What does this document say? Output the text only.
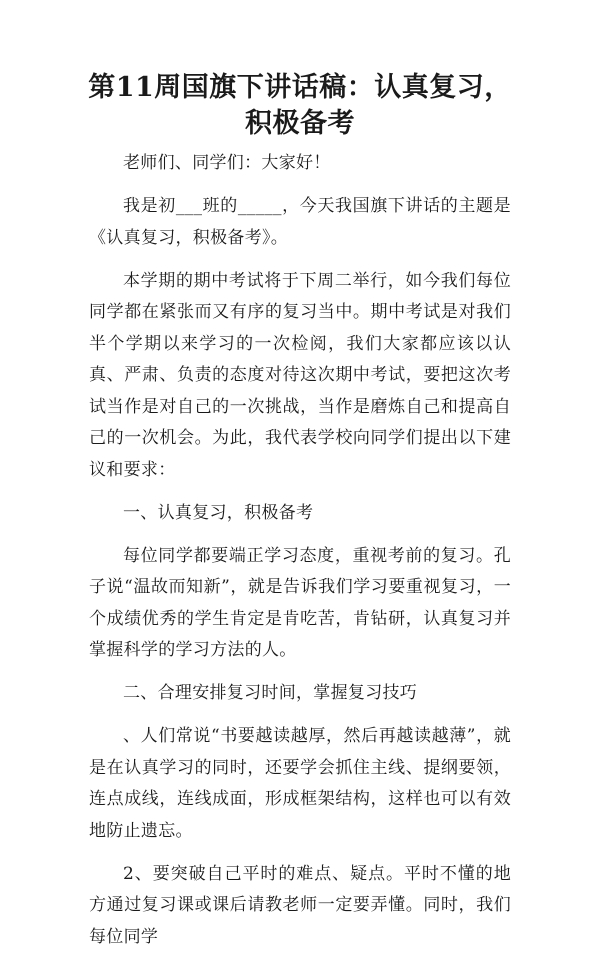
第11周国旗下讲话稿：认真复习，积极备考

老师们、同学们：大家好！

我是初___班的_____，今天我国旗下讲话的主题是《认真复习，积极备考》。

本学期的期中考试将于下周二举行，如今我们每位同学都在紧张而又有序的复习当中。期中考试是对我们半个学期以来学习的一次检阅，我们大家都应该以认真、严肃、负责的态度对待这次期中考试，要把这次考试当作是对自己的一次挑战，当作是磨炼自己和提高自己的一次机会。为此，我代表学校向同学们提出以下建议和要求：

一、认真复习，积极备考

每位同学都要端正学习态度，重视考前的复习。孔子说“温故而知新”，就是告诉我们学习要重视复习，一个成绩优秀的学生肯定是肯吃苦，肯钻研，认真复习并掌握科学的学习方法的人。

二、合理安排复习时间，掌握复习技巧

、人们常说“书要越读越厚，然后再越读越薄”，就是在认真学习的同时，还要学会抓住主线、提纲要领，连点成线，连线成面，形成框架结构，这样也可以有效地防止遗忘。

2、要突破自己平时的难点、疑点。平时不懂的地方通过复习课或课后请教老师一定要弄懂。同时，我们每位同学
